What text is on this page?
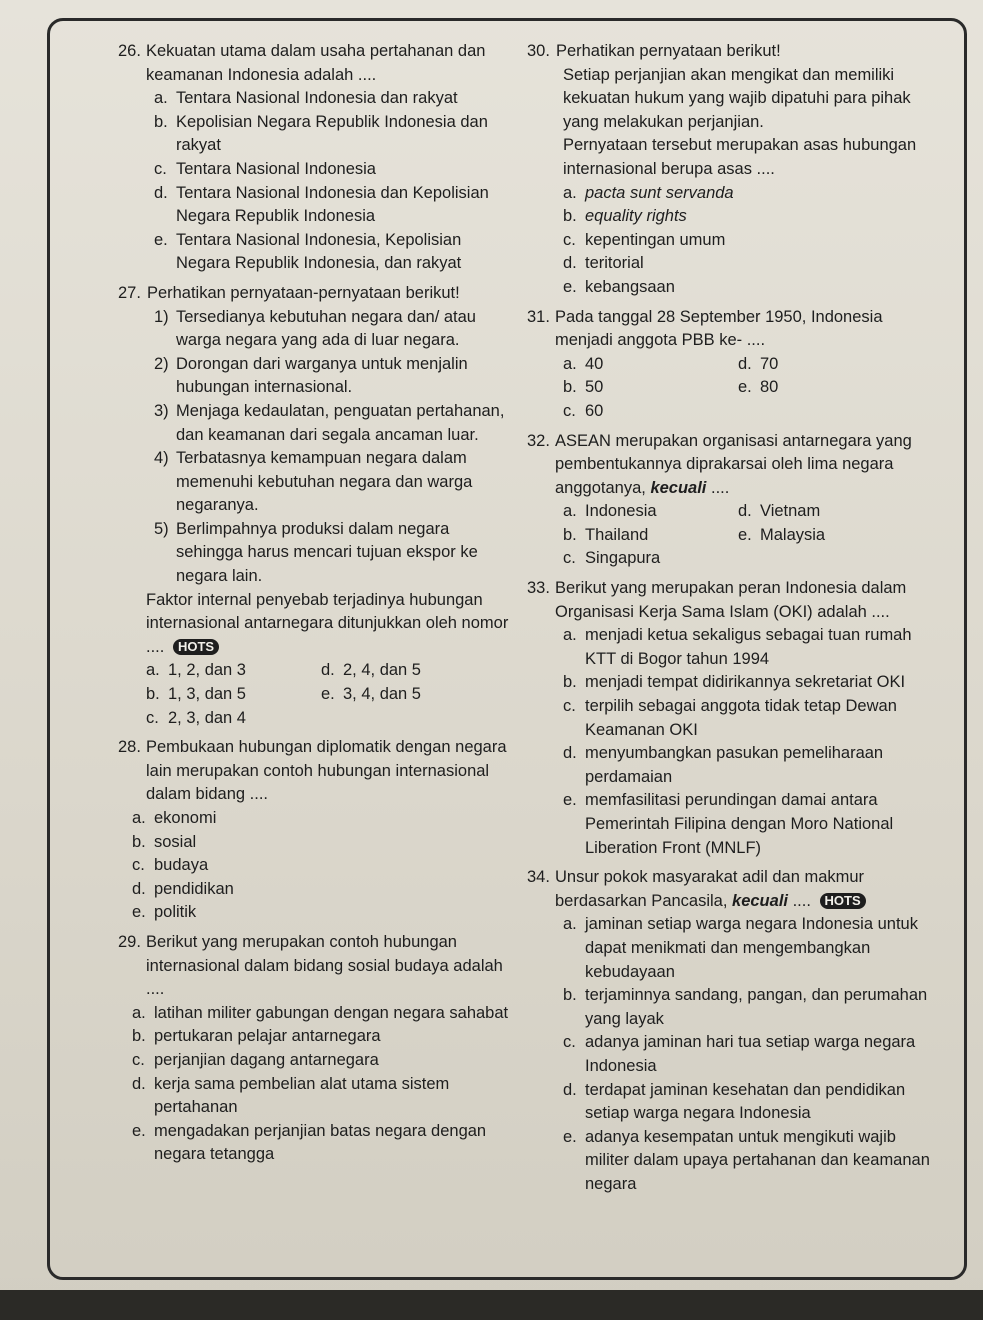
26. Kekuatan utama dalam usaha pertahanan dan keamanan Indonesia adalah ....
a. Tentara Nasional Indonesia dan rakyat
b. Kepolisian Negara Republik Indonesia dan rakyat
c. Tentara Nasional Indonesia
d. Tentara Nasional Indonesia dan Kepolisian Negara Republik Indonesia
e. Tentara Nasional Indonesia, Kepolisian Negara Republik Indonesia, dan rakyat
27. Perhatikan pernyataan-pernyataan berikut!
1) Tersedianya kebutuhan negara dan/ atau warga negara yang ada di luar negara.
2) Dorongan dari warganya untuk menjalin hubungan internasional.
3) Menjaga kedaulatan, penguatan pertahanan, dan keamanan dari segala ancaman luar.
4) Terbatasnya kemampuan negara dalam memenuhi kebutuhan negara dan warga negaranya.
5) Berlimpahnya produksi dalam negara sehingga harus mencari tujuan ekspor ke negara lain.
Faktor internal penyebab terjadinya hubungan internasional antarnegara ditunjukkan oleh nomor .... HOTS
a. 1, 2, dan 3	d. 2, 4, dan 5
b. 1, 3, dan 5	e. 3, 4, dan 5
c. 2, 3, dan 4
28. Pembukaan hubungan diplomatik dengan negara lain merupakan contoh hubungan internasional dalam bidang ....
a. ekonomi
b. sosial
c. budaya
d. pendidikan
e. politik
29. Berikut yang merupakan contoh hubungan internasional dalam bidang sosial budaya adalah ....
a. latihan militer gabungan dengan negara sahabat
b. pertukaran pelajar antarnegara
c. perjanjian dagang antarnegara
d. kerja sama pembelian alat utama sistem pertahanan
e. mengadakan perjanjian batas negara dengan negara tetangga
30. Perhatikan pernyataan berikut!
Setiap perjanjian akan mengikat dan memiliki kekuatan hukum yang wajib dipatuhi para pihak yang melakukan perjanjian.
Pernyataan tersebut merupakan asas hubungan internasional berupa asas ....
a. pacta sunt servanda
b. equality rights
c. kepentingan umum
d. teritorial
e. kebangsaan
31. Pada tanggal 28 September 1950, Indonesia menjadi anggota PBB ke- ....
a. 40	d. 70
b. 50	e. 80
c. 60
32. ASEAN merupakan organisasi antarnegara yang pembentukannya diprakarsai oleh lima negara anggotanya, kecuali ....
a. Indonesia	d. Vietnam
b. Thailand	e. Malaysia
c. Singapura
33. Berikut yang merupakan peran Indonesia dalam Organisasi Kerja Sama Islam (OKI) adalah ....
a. menjadi ketua sekaligus sebagai tuan rumah KTT di Bogor tahun 1994
b. menjadi tempat didirikannya sekretariat OKI
c. terpilih sebagai anggota tidak tetap Dewan Keamanan OKI
d. menyumbangkan pasukan pemeliharaan perdamaian
e. memfasilitasi perundingan damai antara Pemerintah Filipina dengan Moro National Liberation Front (MNLF)
34. Unsur pokok masyarakat adil dan makmur berdasarkan Pancasila, kecuali .... HOTS
a. jaminan setiap warga negara Indonesia untuk dapat menikmati dan mengembangkan kebudayaan
b. terjaminnya sandang, pangan, dan perumahan yang layak
c. adanya jaminan hari tua setiap warga negara Indonesia
d. terdapat jaminan kesehatan dan pendidikan setiap warga negara Indonesia
e. adanya kesempatan untuk mengikuti wajib militer dalam upaya pertahanan dan keamanan negara
